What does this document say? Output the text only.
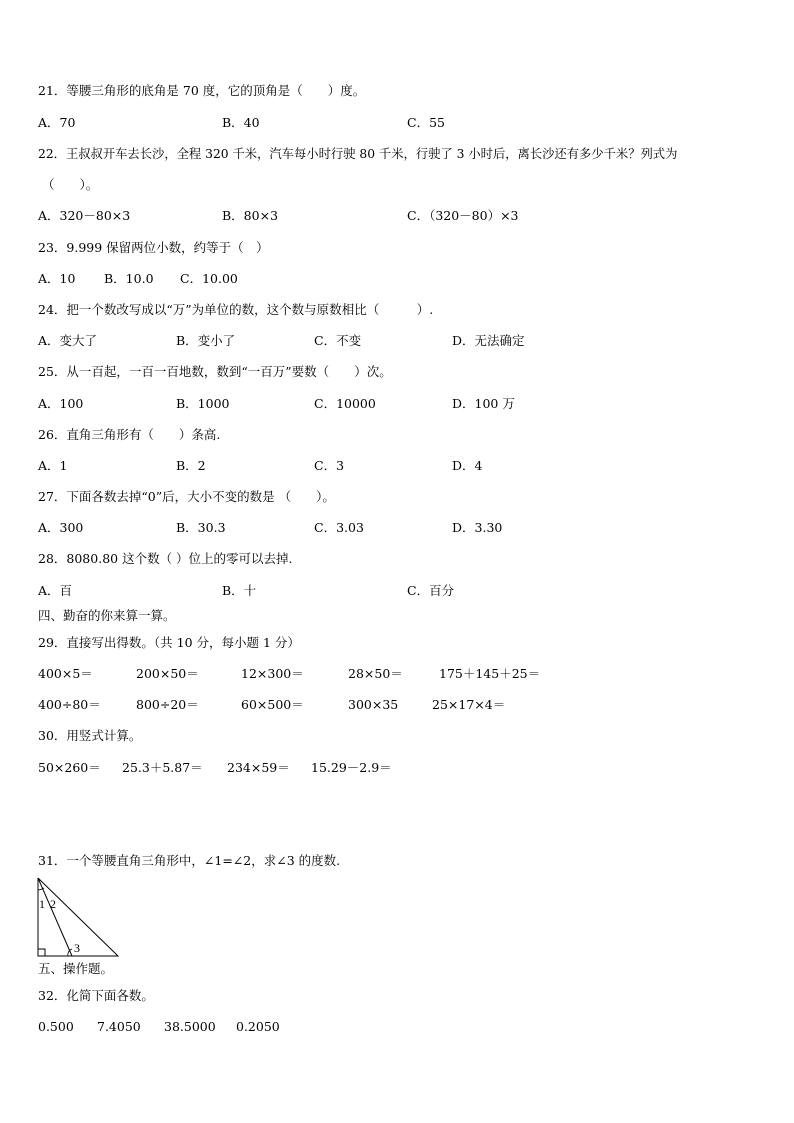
21．等腰三角形的底角是 70 度，它的顶角是（　　）度。
A．70	B．40	C．55
22．王叔叔开车去长沙，全程 320 千米，汽车每小时行驶 80 千米，行驶了 3 小时后，离长沙还有多少千米？列式为
（　　）。
A．320－80×3	B．80×3	C．（320－80）×3
23．9.999 保留两位小数，约等于（　）
A．10 B．10.0 C．10.00
24．把一个数改写成以“万”为单位的数，这个数与原数相比（　　　）.
A．变大了	B．变小了	C．不变	D．无法确定
25．从一百起，一百一百地数，数到“一百万”要数（　　）次。
A．100	B．1000	C．10000	D．100 万
26．直角三角形有（　　）条高.
A．1	B．2	C．3	D．4
27．下面各数去掉“0”后，大小不变的数是 （　　）。
A．300	B．30.3	C．3.03	D．3.30
28．8080.80 这个数（ ）位上的零可以去掉.
A．百	B．十	C．百分
四、勤奋的你来算一算。
29．直接写出得数。（共 10 分，每小题 1 分）
400×5＝	200×50＝	12×300＝	28×50＝	175＋145＋25＝
400÷80＝	800÷20＝	60×500＝	300×35	25×17×4＝
30．用竖式计算。
50×260＝ 25.3＋5.87＝ 234×59＝ 15.29－2.9＝
31．一个等腰直角三角形中，∠1=∠2，求∠3 的度数.
1 2
3
五、操作题。
32．化简下面各数。
0.500 7.4050 38.5000 0.2050
